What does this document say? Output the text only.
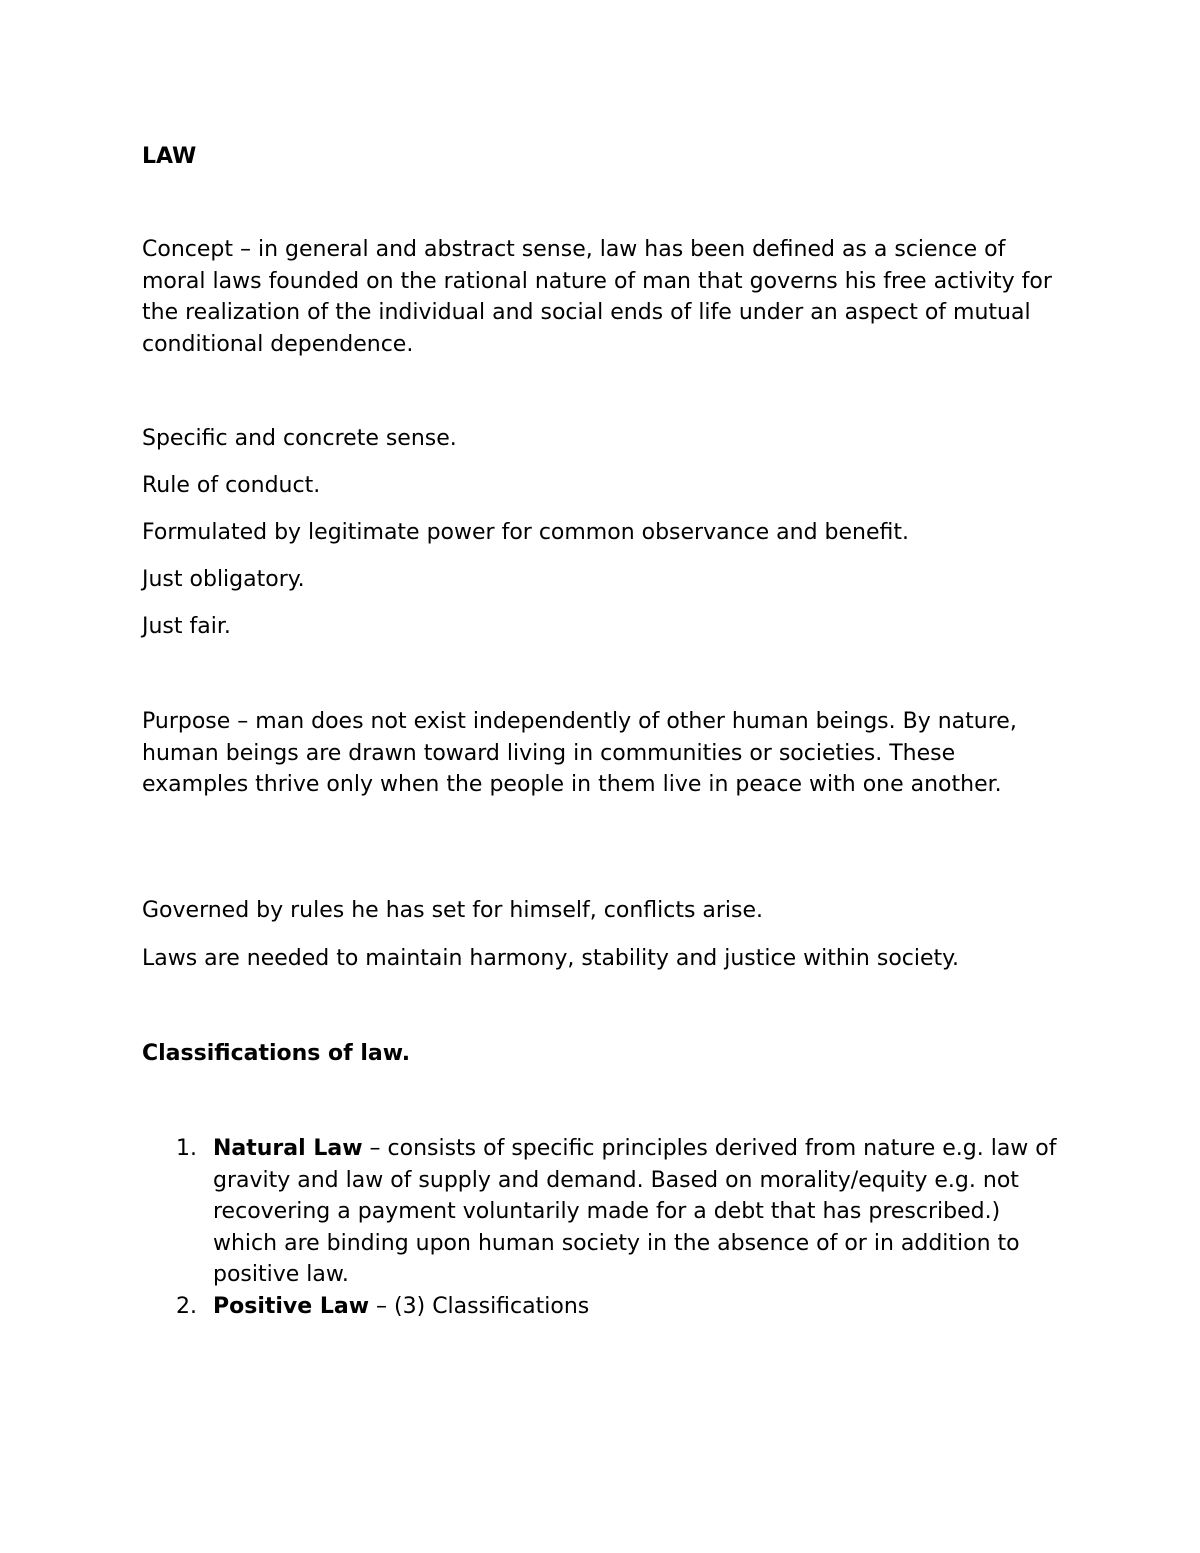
LAW

Concept – in general and abstract sense, law has been defined as a science of moral laws founded on the rational nature of man that governs his free activity for the realization of the individual and social ends of life under an aspect of mutual conditional dependence.

Specific and concrete sense.

Rule of conduct.

Formulated by legitimate power for common observance and benefit.

Just obligatory.

Just fair.

Purpose – man does not exist independently of other human beings. By nature, human beings are drawn toward living in communities or societies. These examples thrive only when the people in them live in peace with one another.

Governed by rules he has set for himself, conflicts arise.

Laws are needed to maintain harmony, stability and justice within society.

Classifications of law.

1. Natural Law – consists of specific principles derived from nature e.g. law of gravity and law of supply and demand. Based on morality/equity e.g. not recovering a payment voluntarily made for a debt that has prescribed.) which are binding upon human society in the absence of or in addition to positive law.
2. Positive Law – (3) Classifications
